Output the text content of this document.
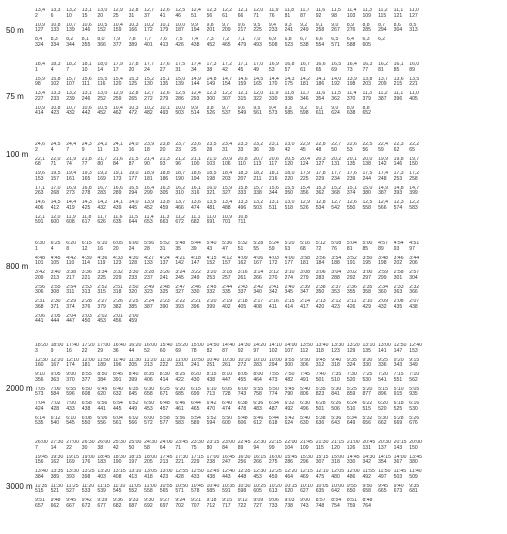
50 m
13,4
2
13,3
6
13,2
10
13,1
15
13,0
20
12,9
25
12,8
31
12,7
37
12,6
41
12,5
46
12,4
51
12,3
56
12,2
61
12,1
66
12,0
71
11,9
76
11,8
81
11,7
87
11,6
92
11,5
98
11,4
103
11,3
109
11,2
115
11,1
121
11,0
127
10,9
127
10,8
133
10,7
139
10,6
146
10,5
152
10,4
159
10,3
166
10,2
172
10,1
179
10,0
187
9,9
194
9,8
201
9,7
209
9,6
217
9,5
225
9,4
233
9,3
241
9,2
249
9,1
258
9,0
267
8,9
276
8,8
285
8,7
294
8,6
304
8,5
313
8,4
324
8,3
334
8,2
344
8,1
355
8,0
366
7,9
377
7,8
389
7,7
401
7,6
413
7,5
426
7,4
438
7,3
452
7,2
465
7,1
479
7,0
493
6,9
508
6,8
523
6,7
538
6,6
554
6,5
571
6,4
588
6,3
605
6,2
75 m
18,4
1
18,3
4
18,2
7
18,1
10
18,0
14
17,9
17
17,8
20
17,7
24
17,6
27
17,5
31
17,4
34
17,3
38
17,2
42
17,1
45
17,0
49
16,9
53
16,8
57
16,7
61
16,6
65
16,5
69
16,4
73
16,3
77
16,2
81
16,1
85
16,0
89
15,9
98
15,8
102
15,7
107
15,6
111
15,5
116
15,4
120
15,3
125
15,2
130
15,1
135
15,0
139
14,9
144
14,8
149
14,7
154
14,6
159
14,5
165
14,4
170
14,3
175
14,2
181
14,1
186
14,0
192
13,9
198
13,8
203
13,7
209
13,6
215
13,5
221
13,4
227
13,3
233
13,2
239
13,1
246
13,0
252
12,9
259
12,8
265
12,7
272
12,6
279
12,5
286
12,4
293
12,3
300
12,2
307
12,1
315
12,0
322
11,9
330
11,8
338
11,7
346
11,6
354
11,5
362
11,4
370
11,3
379
11,2
387
11,1
396
11,0
405
10,9
414
10,8
423
10,7
432
10,6
442
10,5
452
10,4
462
10,3
472
10,2
482
10,1
493
10,0
503
9,9
514
9,8
526
9,7
537
9,6
549
9,5
561
9,4
573
9,3
585
9,2
598
9,1
611
9,0
624
8,9
638
8,8
652
100 m
24,6
2
24,5
4
24,4
7
24,3
9
24,2
11
24,1
13
24,0
16
23,9
18
23,8
20
23,7
23
23,6
25
23,5
28
23,4
31
23,3
33
23,2
36
23,1
39
23,0
42
22,9
45
22,8
48
22,7
50
22,6
53
22,5
56
22,4
59
22,3
62
22,2
65
22,1
68
22,0
71
21,9
74
21,8
77
21,7
80
21,6
84
21,5
87
21,4
90
21,3
93
21,2
96
21,1
100
21,0
103
20,9
106
20,8
110
20,7
113
20,6
117
20,5
120
20,4
124
20,3
127
20,2
131
20,1
135
20,0
138
19,9
142
19,8
146
19,7
150
19,6
153
19,5
157
19,4
161
19,3
165
19,2
169
19,1
173
19,0
177
18,9
181
18,8
186
18,7
190
18,6
194
18,5
198
18,4
203
18,3
207
18,2
211
18,1
216
18,0
220
17,9
225
17,8
229
17,7
234
17,6
239
17,5
244
17,4
248
17,3
253
17,2
258
17,1
263
17,0
268
16,9
273
16,8
278
16,7
283
16,6
289
16,5
294
16,4
299
16,3
305
16,2
310
16,1
316
16,0
321
15,9
327
15,8
333
15,7
338
15,6
344
15,5
350
15,4
356
15,3
362
15,2
368
15,1
374
15,0
380
14,9
387
14,8
393
14,7
399
14,6
406
14,5
412
14,4
419
14,3
425
14,2
432
14,1
439
14,0
445
13,9
452
13,8
459
13,7
466
13,6
474
13,5
481
13,4
488
13,3
496
13,2
503
13,1
511
13,0
518
12,9
526
12,8
534
12,7
542
12,6
550
12,5
558
12,4
566
12,3
574
12,2
583
12,1
591
12,0
600
11,9
608
11,8
617
11,7
626
11,6
635
11,5
644
11,4
653
11,3
663
11,2
672
11,1
682
11,0
691
10,9
701
10,8
711
800 m
6:30
1
6:25
4
6:20
8
6:15
12
6:10
16
6:05
20
6:00
24
5:56
28
5:52
31
5:48
35
5:44
39
5:40
43
5:36
47
5:32
51
5:28
55
5:24
59
5:20
63
5:16
68
5:12
72
5:08
76
5:04
81
5:00
85
4:57
89
4:54
93
4:51
97
4:48
101
4:45
105
4:42
110
4:39
114
4:36
119
4:33
123
4:30
128
4:27
133
4:24
137
4:21
142
4:18
147
4:15
152
4:12
157
4:09
162
4:06
167
4:03
172
4:00
177
3:58
181
3:56
184
3:54
188
3:52
191
3:50
195
3:48
198
3:46
202
3:44
206
3:42
209
3:40
213
3:38
217
3:36
221
3:34
225
3:32
229
3:30
233
3:28
237
3:26
241
3:24
245
3:22
249
3:20
253
3:18
257
3:16
261
3:14
266
3:12
270
3:10
274
3:08
279
3:06
283
3:04
288
3:02
292
3:00
297
2:59
299
2:58
301
2:57
304
2:56
306
2:55
308
2:54
311
2:53
313
2:52
315
2:51
318
2:50
320
2:49
323
2:48
325
2:47
327
2:46
330
2:45
332
2:44
335
2:43
337
2:42
340
2:41
342
2:40
345
2:39
347
2:38
350
2:37
353
2:36
355
2:35
358
2:34
360
2:33
363
2:32
366
2:31
368
2:30
371
2:29
374
2:28
376
2:27
379
2:26
382
2:25
385
2:24
387
2:23
390
2:22
393
2:21
396
2:20
399
2:19
402
2:18
405
2:17
408
2:16
411
2:15
414
2:14
417
2:13
420
2:12
423
2:11
426
2:10
429
2:09
432
2:08
435
2:07
438
2:06
441
2:05
444
2:04
447
2:03
450
2:02
453
2:01
456
2:00
459
2000 m
18:20
3
18:00
9
17:40
16
17:20
22
17:00
29
16:40
36
16:20
44
16:00
52
15:40
60
15:20
69
15:00
78
14:50
82
14:40
87
14:30
92
14:20
97
14:10
102
14:00
107
13:50
112
13:40
118
13:30
123
13:20
129
13:10
135
13:00
141
12:50
147
12:40
153
12:30
160
12:20
167
12:10
174
12:00
181
11:50
189
11:40
196
11:30
205
11:20
213
11:10
222
11:00
231
10:50
241
10:40
251
10:30
261
10:20
272
10:10
283
10:00
294
9:55
300
9:50
306
9:45
312
9:40
318
9:35
324
9:30
330
9:25
336
9:20
343
9:15
349
9:10
356
9:05
363
9:00
370
8:55
377
8:50
384
8:45
391
8:40
399
8:35
406
8:30
414
8:25
422
8:20
430
8:15
438
8:10
447
8:05
455
8:00
464
7:55
473
7:50
482
7:45
491
7:40
501
7:35
510
7:30
520
7:25
530
7:20
541
7:15
551
7:10
562
7:05
573
7:00
584
6:55
596
6:50
608
6:45
620
6:40
632
6:35
645
6:30
658
6:25
671
6:20
685
6:15
699
6:10
713
6:05
728
6:00
743
5:55
758
5:50
774
5:45
790
5:40
806
5:35
823
5:30
841
5:25
859
5:20
877
5:15
896
5:10
915
5:05
935
7:04
424
7:02
428
7:00
433
6:58
438
6:56
441
6:54
445
6:52
449
6:50
453
6:48
457
6:46
461
6:44
465
6:42
470
6:40
474
6:38
478
6:36
483
6:34
487
6:32
492
6:30
496
6:28
501
6:26
506
6:24
510
6:22
515
6:20
520
6:18
525
6:16
530
6:14
535
6:12
540
6:10
545
6:08
550
6:06
556
6:04
561
6:02
566
6:00
572
5:58
577
5:56
583
5:54
589
5:52
594
5:50
600
5:48
606
5:46
612
5:44
618
5:42
624
5:40
630
5:38
636
5:36
643
5:34
649
5:32
656
5:30
662
5:28
669
5:26
676
3000 m
26:00
7
27:30
14
27:00
22
26:30
30
26:00
38
25:30
42
25:00
50
24:30
58
24:00
64
23:45
71
23:30
75
23:15
80
23:00
84
22:45
89
22:30
94
22:15
99
22:00
104
21:45
109
21:30
115
21:15
120
21:00
126
20:45
131
20:30
137
20:15
143
20:00
150
19:45
156
19:30
162
19:15
169
19:00
176
18:45
183
18:30
190
18:15
197
18:00
205
17:45
213
17:30
221
17:15
229
17:00
238
16:45
247
16:30
256
16:15
266
16:00
275
15:45
286
15:30
296
15:15
307
15:00
318
14:45
330
14:30
342
14:15
354
14:00
367
13:45
380
13:40
384
13:35
389
13:30
393
13:25
398
13:20
403
13:15
408
13:10
413
13:05
418
13:00
423
12:55
428
12:50
433
12:45
438
12:40
443
12:35
448
12:30
453
12:25
459
12:20
464
12:15
469
12:10
475
12:05
480
12:00
486
11:55
492
11:50
497
11:45
503
11:40
509
11:35
515
11:30
521
11:25
527
11:20
533
11:15
539
11:10
545
11:05
552
11:00
558
10:55
565
10:50
571
10:45
578
10:40
585
10:35
591
10:30
598
10:25
605
10:20
613
10:15
620
10:10
627
10:05
635
10:00
642
9:55
650
9:50
658
9:45
665
9:40
673
9:35
681
9:51
657
9:48
662
9:45
667
9:42
672
9:39
677
9:36
682
9:33
687
9:30
692
9:27
697
9:24
702
9:21
707
9:18
712
9:15
717
9:12
722
9:09
727
9:06
733
9:03
738
9:00
743
8:57
748
8:54
754
8:51
759
8:48
764
